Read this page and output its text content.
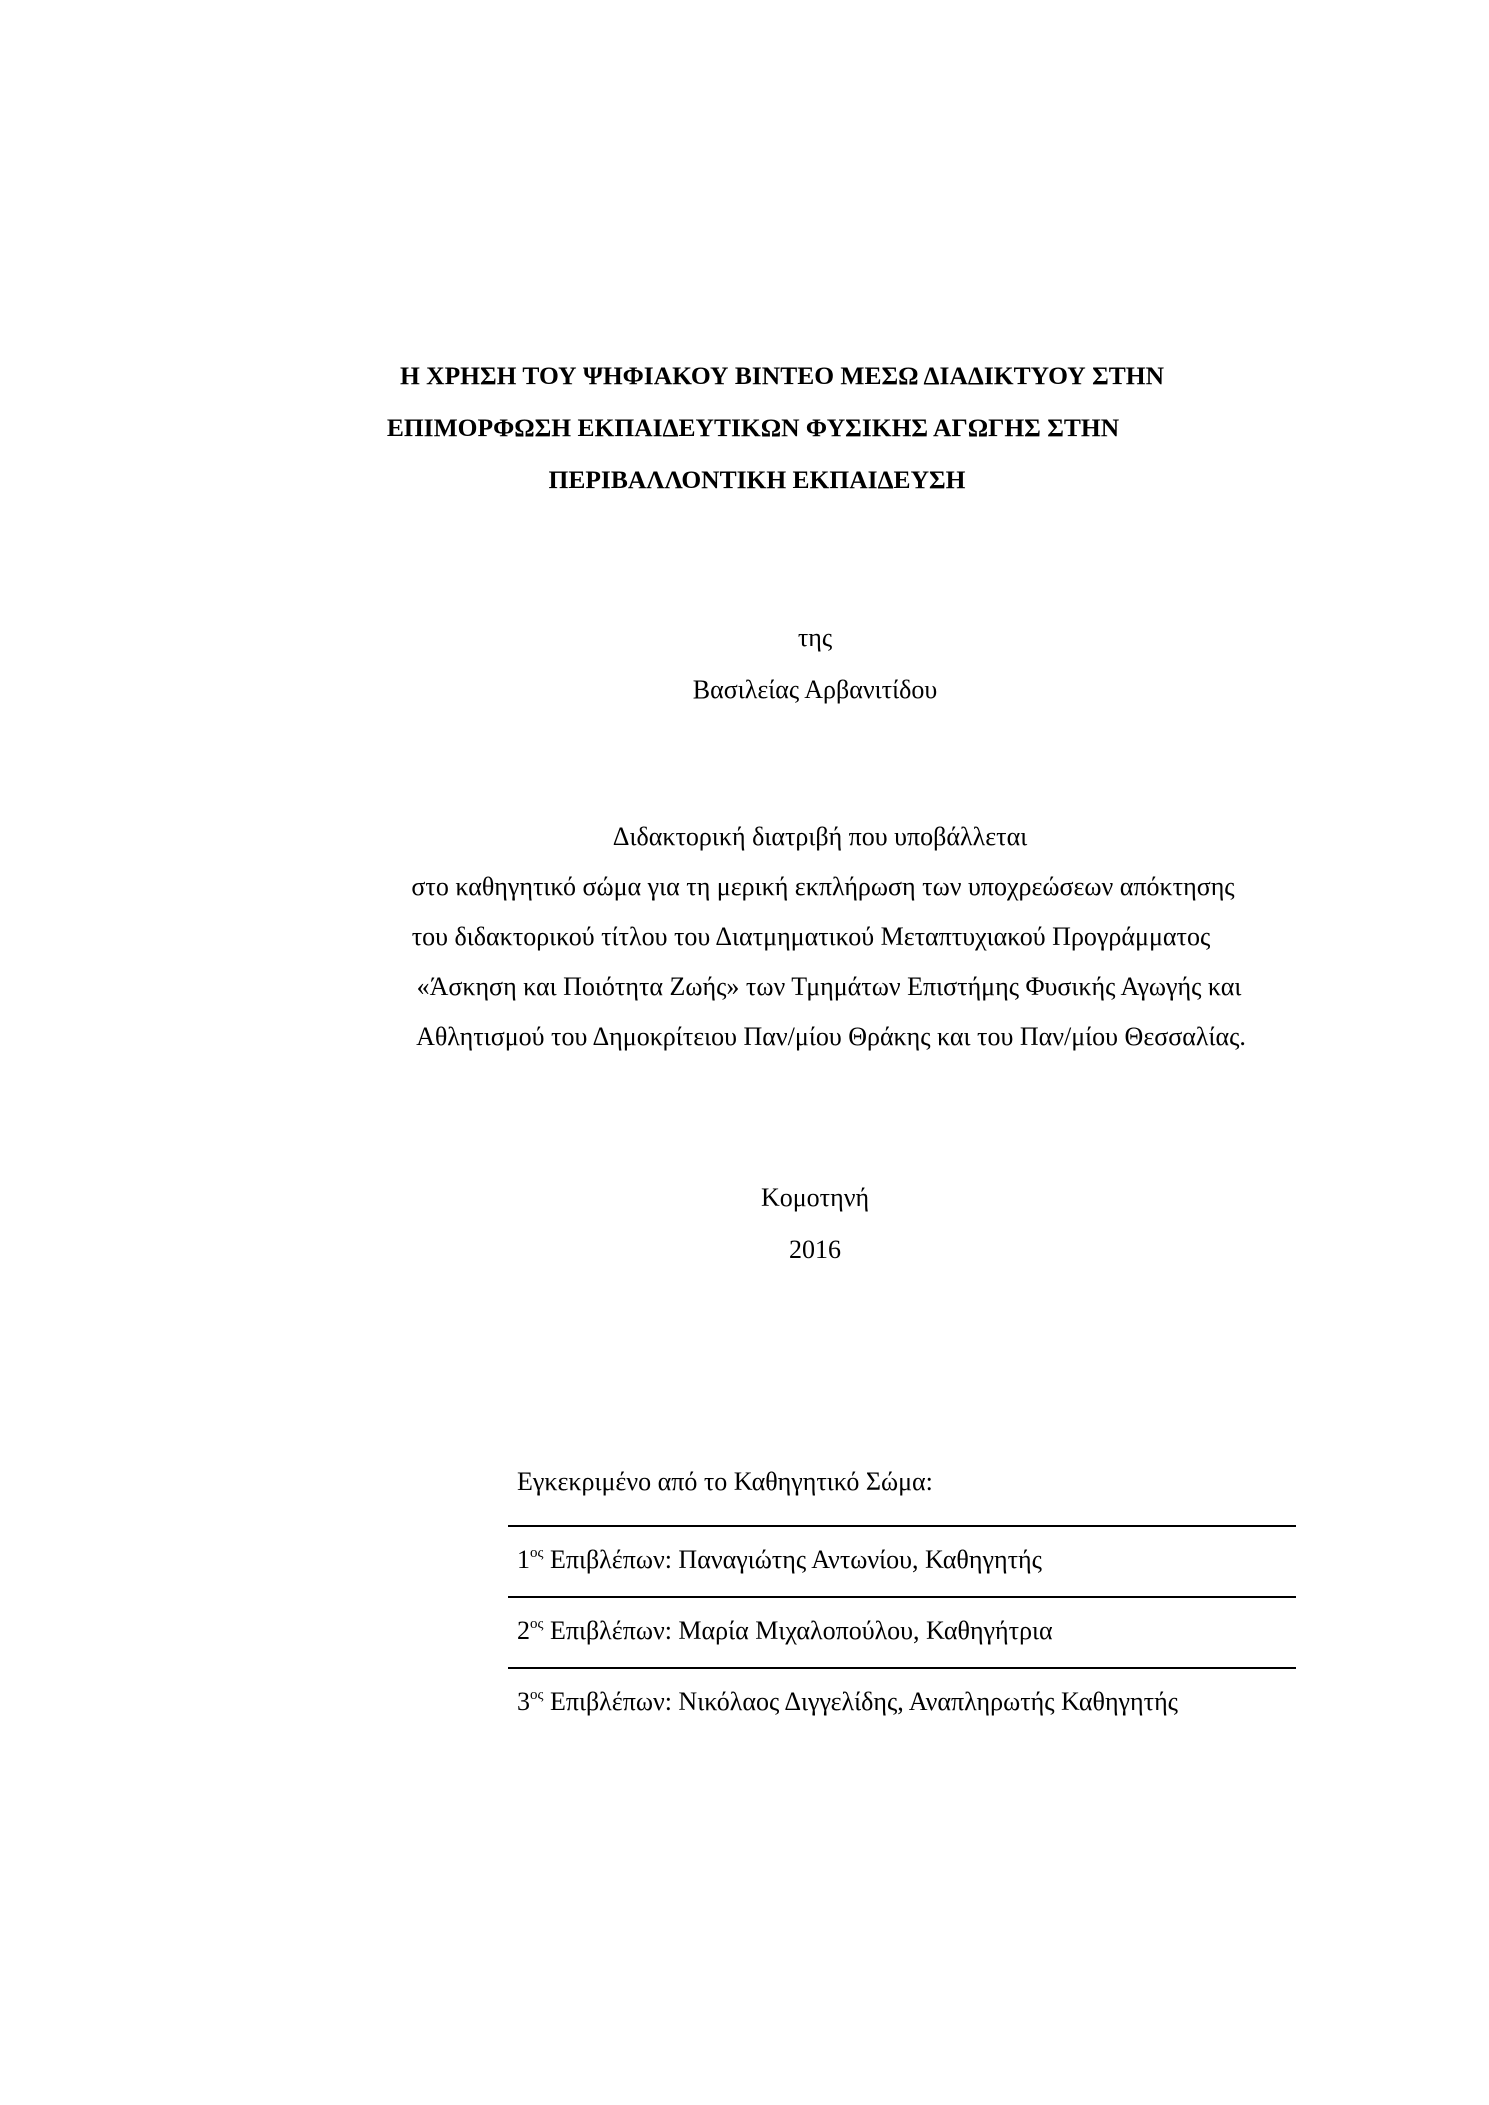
Η ΧΡΗΣΗ ΤΟΥ ΨΗΦΙΑΚΟΥ ΒΙΝΤΕΟ ΜΕΣΩ ΔΙΑΔΙΚΤΥΟΥ ΣΤΗΝ
ΕΠΙΜΟΡΦΩΣΗ ΕΚΠΑΙΔΕΥΤΙΚΩΝ ΦΥΣΙΚΗΣ ΑΓΩΓΗΣ ΣΤΗΝ
ΠΕΡΙΒΑΛΛΟΝΤΙΚΗ ΕΚΠΑΙΔΕΥΣΗ
της
Βασιλείας Αρβανιτίδου
Διδακτορική διατριβή που υποβάλλεται
στο καθηγητικό σώμα για τη μερική εκπλήρωση των υποχρεώσεων απόκτησης
του διδακτορικού τίτλου του Διατμηματικού Μεταπτυχιακού Προγράμματος
«Άσκηση και Ποιότητα Ζωής» των Τμημάτων Επιστήμης Φυσικής Αγωγής και
Αθλητισμού του Δημοκρίτειου Παν/μίου Θράκης και του Παν/μίου Θεσσαλίας.
Κομοτηνή
2016
Εγκεκριμένο από το Καθηγητικό Σώμα:
$1^{o\varsigma}$ Επιβλέπων: Παναγιώτης Αντωνίου, Καθηγητής
$2^{o\varsigma}$ Επιβλέπων: Μαρία Μιχαλοπούλου, Καθηγήτρια
$3^{o\varsigma}$ Επιβλέπων: Νικόλαος Διγγελίδης, Αναπληρωτής Καθηγητής
